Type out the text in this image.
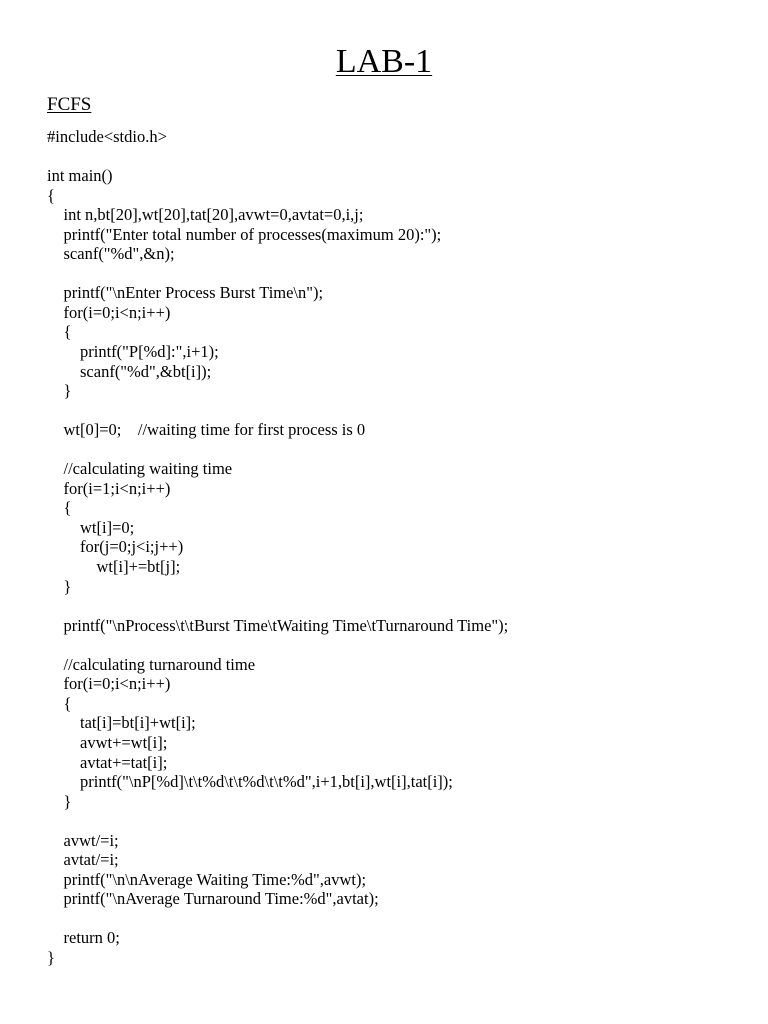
LAB-1
FCFS
#include<stdio.h>
int main()
{
int n,bt[20],wt[20],tat[20],avwt=0,avtat=0,i,j;
printf("Enter total number of processes(maximum 20):");
scanf("%d",&n);
printf("\nEnter Process Burst Time\n");
for(i=0;i<n;i++)
{
printf("P[%d]:",i+1);
scanf("%d",&bt[i]);
}
wt[0]=0;    //waiting time for first process is 0
//calculating waiting time
for(i=1;i<n;i++)
{
wt[i]=0;
for(j=0;j<i;j++)
wt[i]+=bt[j];
}
printf("\nProcess\t\tBurst Time\tWaiting Time\tTurnaround Time");
//calculating turnaround time
for(i=0;i<n;i++)
{
tat[i]=bt[i]+wt[i];
avwt+=wt[i];
avtat+=tat[i];
printf("\nP[%d]\t\t%d\t\t%d\t\t%d",i+1,bt[i],wt[i],tat[i]);
}
avwt/=i;
avtat/=i;
printf("\n\nAverage Waiting Time:%d",avwt);
printf("\nAverage Turnaround Time:%d",avtat);
return 0;
}
